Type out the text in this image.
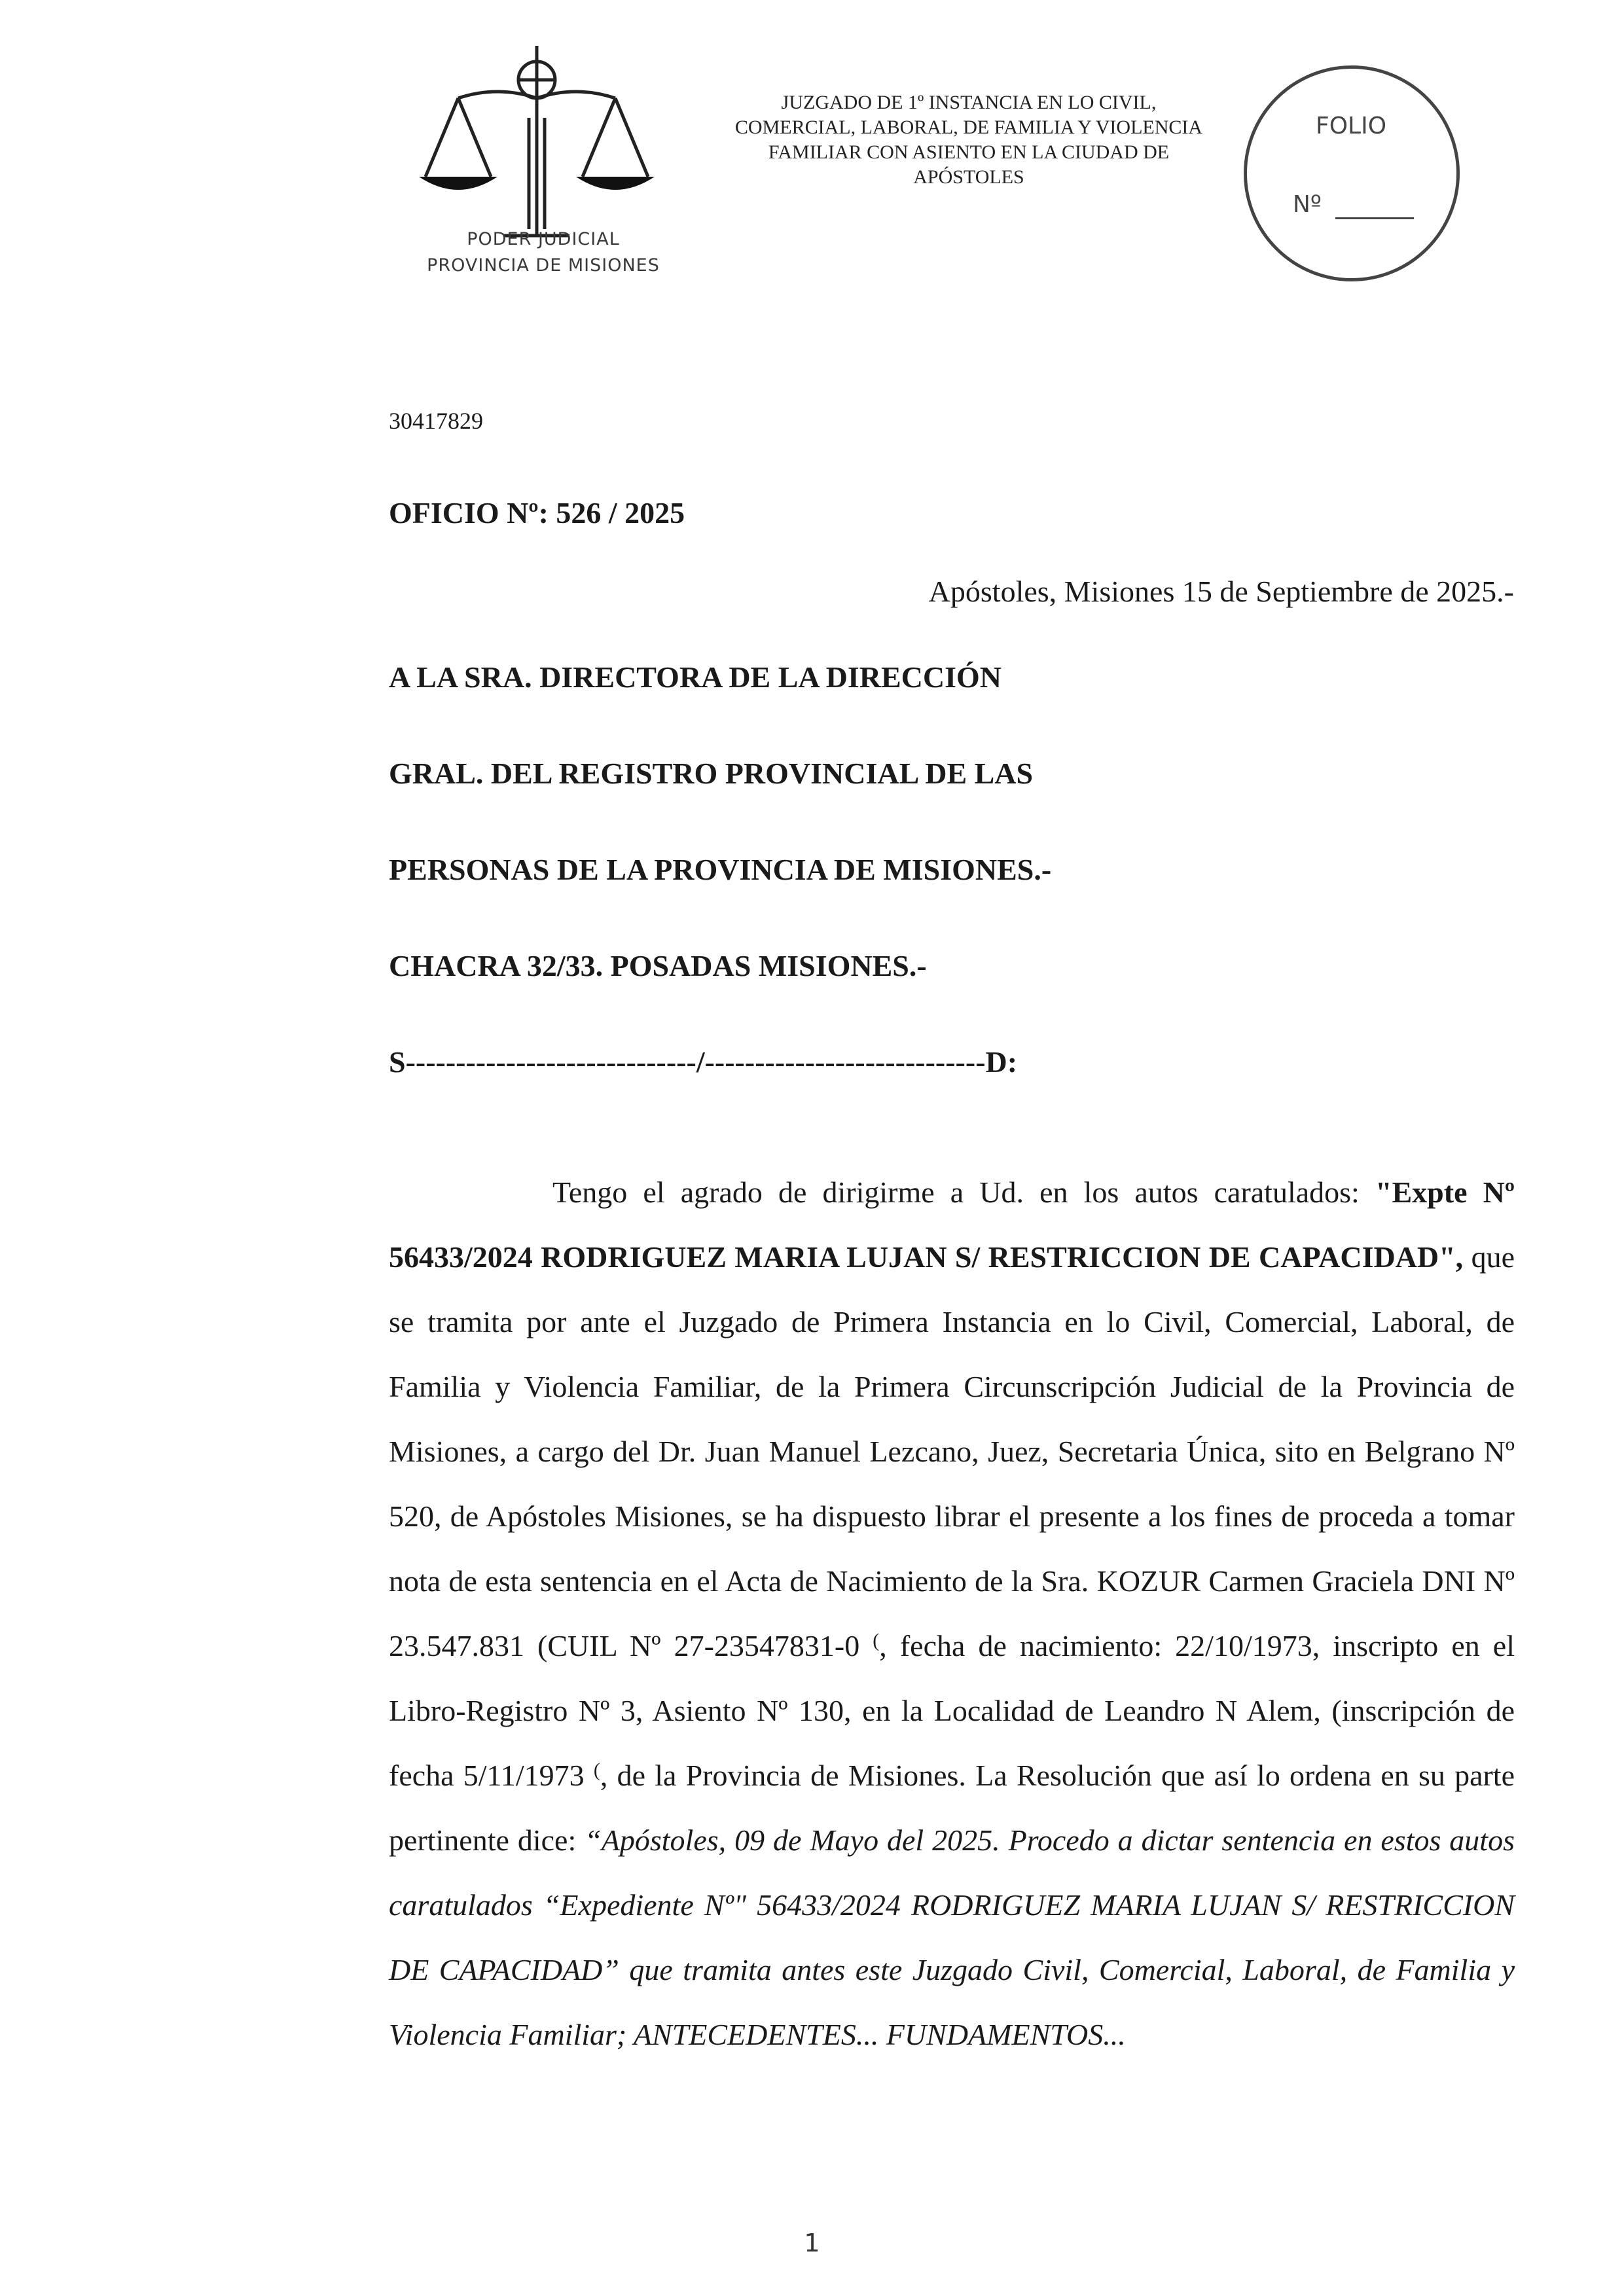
PODER JUDICIAL
PROVINCIA DE MISIONES
JUZGADO DE 1º INSTANCIA EN LO CIVIL,
COMERCIAL, LABORAL, DE FAMILIA Y VIOLENCIA
FAMILIAR CON ASIENTO EN LA CIUDAD DE
APÓSTOLES
FOLIO
Nº
30417829
OFICIO Nº: 526 / 2025
Apóstoles, Misiones 15 de Septiembre de 2025.-
A LA SRA. DIRECTORA DE LA DIRECCIÓN
GRAL. DEL REGISTRO PROVINCIAL DE LAS
PERSONAS DE LA PROVINCIA DE MISIONES.-
CHACRA 32/33. POSADAS MISIONES.-
S-----------------------------/----------------------------D:

Tengo el agrado de dirigirme a Ud. en los autos caratulados: "Expte Nº 56433/2024 RODRIGUEZ MARIA LUJAN S/ RESTRICCION DE CAPACIDAD", que se tramita por ante el Juzgado de Primera Instancia en lo Civil, Comercial, Laboral, de Familia y Violencia Familiar, de la Primera Circunscripción Judicial de la Provincia de Misiones, a cargo del Dr. Juan Manuel Lezcano, Juez, Secretaria Única, sito en Belgrano Nº 520, de Apóstoles Misiones, se ha dispuesto librar el presente a los fines de proceda a tomar nota de esta sentencia en el Acta de Nacimiento de la Sra. KOZUR Carmen Graciela DNI Nº 23.547.831 (CUIL Nº 27-23547831-0 (, fecha de nacimiento: 22/10/1973, inscripto en el Libro-Registro Nº 3, Asiento Nº 130, en la Localidad de Leandro N Alem, (inscripción de fecha 5/11/1973 (, de la Provincia de Misiones. La Resolución que así lo ordena en su parte pertinente dice: “Apóstoles, 09 de Mayo del 2025. Procedo a dictar sentencia en estos autos caratulados “Expediente Nº" 56433/2024 RODRIGUEZ MARIA LUJAN S/ RESTRICCION DE CAPACIDAD” que tramita antes este Juzgado Civil, Comercial, Laboral, de Familia y Violencia Familiar; ANTECEDENTES... FUNDAMENTOS...

1
